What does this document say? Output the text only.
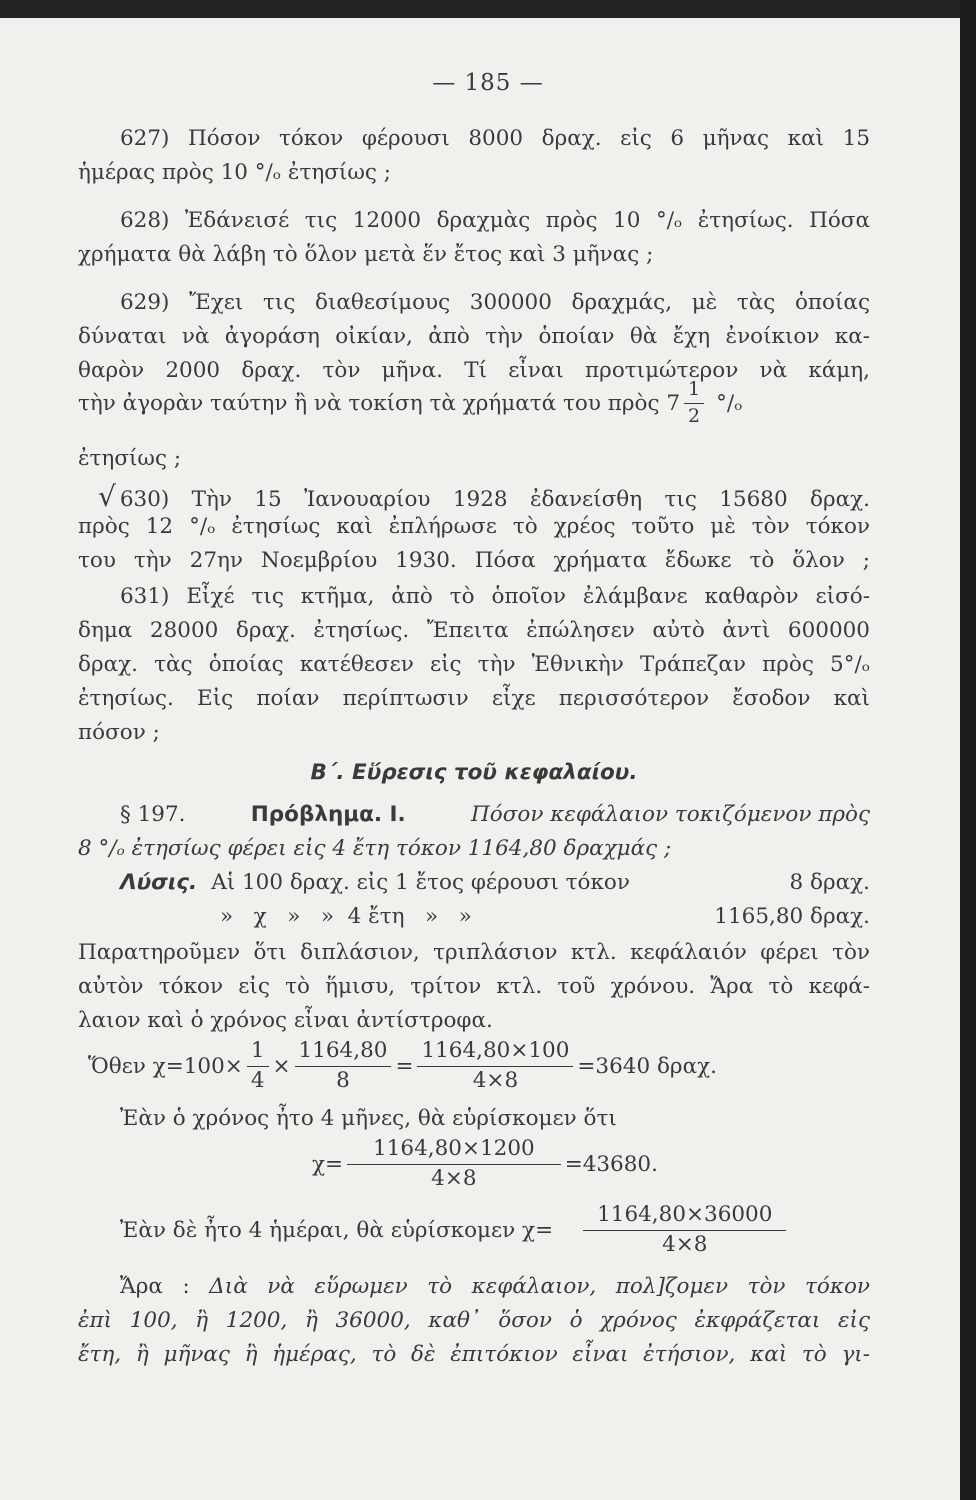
— 185 —
627) Πόσον τόκον φέρουσι 8000 δραχ. εἰς 6 μῆνας καὶ 15
ἡμέρας πρὸς 10 °/ₒ ἐτησίως ;
628) Ἐδάνεισέ τις 12000 δραχμὰς πρὸς 10 °/ₒ ἐτησίως. Πόσα
χρήματα θὰ λάβη τὸ ὅλον μετὰ ἕν ἔτος καὶ 3 μῆνας ;
629) Ἔχει τις διαθεσίμους 300000 δραχμάς, μὲ τὰς ὁποίας
δύναται νὰ ἀγοράση οἰκίαν, ἀπὸ τὴν ὁποίαν θὰ ἔχη ἐνοίκιον κα-
θαρὸν 2000 δραχ. τὸν μῆνα. Τί εἶναι προτιμώτερον νὰ κάμη,
τὴν ἀγορὰν ταύτην ἢ νὰ τοκίση τὰ χρήματά του πρὸς $7 \frac{1}{2} ^\circ/_o$
ἐτησίως ;
√ 630) Τὴν 15 Ἰανουαρίου 1928 ἐδανείσθη τις 15680 δραχ.
πρὸς 12 °/ₒ ἐτησίως καὶ ἐπλήρωσε τὸ χρέος τοῦτο μὲ τὸν τόκον
του τὴν 27ην Νοεμβρίου 1930. Πόσα χρήματα ἔδωκε τὸ ὅλον ;
631) Εἶχέ τις κτῆμα, ἀπὸ τὸ ὁποῖον ἐλάμβανε καθαρὸν εἰσό-
δημα 28000 δραχ. ἐτησίως. Ἔπειτα ἐπώλησεν αὐτὸ ἀντὶ 600000
δραχ. τὰς ὁποίας κατέθεσεν εἰς τὴν Ἐθνικὴν Τράπεζαν πρὸς 5°/ₒ
ἐτησίως. Εἰς ποίαν περίπτωσιν εἶχε περισσότερον ἔσοδον καὶ
πόσον ;
Β΄. Εὕρεσις τοῦ κεφαλαίου.
§ 197.	Πρόβλημα. Ι.	Πόσον κεφάλαιον τοκιζόμενον πρὸς
8 °/ₒ ἐτησίως φέρει εἰς 4 ἔτη τόκον 1164,80 δραχμάς ;
Λύσις. Αἱ 100 δραχ. εἰς 1 ἔτος φέρουσι τόκον	8 δραχ.
»   χ   »   »  4 ἔτη   »   »	1165,80 δραχ.
Παρατηροῦμεν ὅτι διπλάσιον, τριπλάσιον κτλ. κεφάλαιόν φέρει τὸν
αὐτὸν τόκον εἰς τὸ ἥμισυ, τρίτον κτλ. τοῦ χρόνου. Ἄρα τὸ κεφά-
λαιον καὶ ὁ χρόνος εἶναι ἀντίστροφα.
Ὅθεν $\chi=100\times \frac{1}{4} \times \frac{1164,80}{8} = \frac{1164,80\times 100}{4\times 8} =3640$ δραχ.
Ἐὰν ὁ χρόνος ἦτο 4 μῆνες, θὰ εὑρίσκομεν ὅτι
$\chi= \frac{1164,80\times 1200}{4\times 8} =43680$.
Ἐὰν δὲ ἦτο 4 ἡμέραι, θὰ εὑρίσκομεν $\chi= \frac{1164,80\times 36000}{4\times 8}$
Ἄρα : Διὰ νὰ εὕρωμεν τὸ κεφάλαιον, πολ]ζομεν τὸν τόκον
ἐπὶ 100, ἢ 1200, ἢ 36000, καθ᾽ ὅσον ὁ χρόνος ἐκφράζεται εἰς
ἔτη, ἢ μῆνας ἢ ἡμέρας, τὸ δὲ ἐπιτόκιον εἶναι ἐτήσιον, καὶ τὸ γι-
